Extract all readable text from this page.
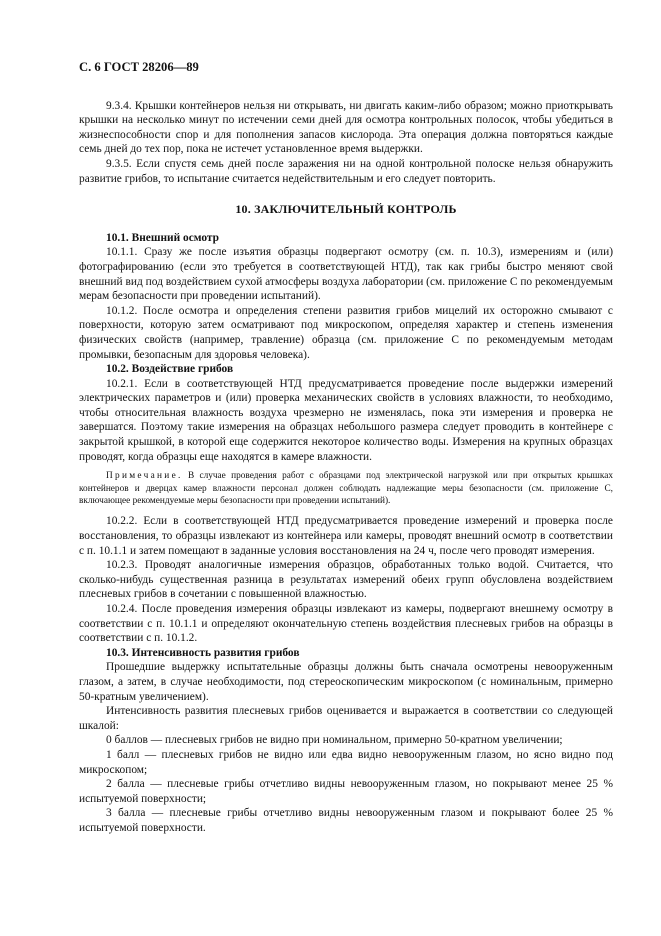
С. 6 ГОСТ 28206—89

9.3.4. Крышки контейнеров нельзя ни открывать, ни двигать каким-либо образом; можно приоткрывать крышки на несколько минут по истечении семи дней для осмотра контрольных полосок, чтобы убедиться в жизнеспособности спор и для пополнения запасов кислорода. Эта операция должна повторяться каждые семь дней до тех пор, пока не истечет установленное время выдержки.

9.3.5. Если спустя семь дней после заражения ни на одной контрольной полоске нельзя обнаружить развитие грибов, то испытание считается недействительным и его следует повторить.

10. ЗАКЛЮЧИТЕЛЬНЫЙ КОНТРОЛЬ

10.1. Внешний осмотр

10.1.1. Сразу же после изъятия образцы подвергают осмотру (см. п. 10.3), измерениям и (или) фотографированию (если это требуется в соответствующей НТД), так как грибы быстро меняют свой внешний вид под воздействием сухой атмосферы воздуха лаборатории (см. приложение С по рекомендуемым мерам безопасности при проведении испытаний).

10.1.2. После осмотра и определения степени развития грибов мицелий их осторожно смывают с поверхности, которую затем осматривают под микроскопом, определяя характер и степень изменения физических свойств (например, травление) образца (см. приложение С по рекомендуемым методам промывки, безопасным для здоровья человека).

10.2. Воздействие грибов

10.2.1. Если в соответствующей НТД предусматривается проведение после выдержки измерений электрических параметров и (или) проверка механических свойств в условиях влажности, то необходимо, чтобы относительная влажность воздуха чрезмерно не изменялась, пока эти измерения и проверка не завершатся. Поэтому такие измерения на образцах небольшого размера следует проводить в контейнере с закрытой крышкой, в которой еще содержится некоторое количество воды. Измерения на крупных образцах проводят, когда образцы еще находятся в камере влажности.

Примечание. В случае проведения работ с образцами под электрической нагрузкой или при открытых крышках контейнеров и дверцах камер влажности персонал должен соблюдать надлежащие меры безопасности (см. приложение С, включающее рекомендуемые меры безопасности при проведении испытаний).

10.2.2. Если в соответствующей НТД предусматривается проведение измерений и проверка после восстановления, то образцы извлекают из контейнера или камеры, проводят внешний осмотр в соответствии с п. 10.1.1 и затем помещают в заданные условия восстановления на 24 ч, после чего проводят измерения.

10.2.3. Проводят аналогичные измерения образцов, обработанных только водой. Считается, что сколько-нибудь существенная разница в результатах измерений обеих групп обусловлена воздействием плесневых грибов в сочетании с повышенной влажностью.

10.2.4. После проведения измерения образцы извлекают из камеры, подвергают внешнему осмотру в соответствии с п. 10.1.1 и определяют окончательную степень воздействия плесневых грибов на образцы в соответствии с п. 10.1.2.

10.3. Интенсивность развития грибов

Прошедшие выдержку испытательные образцы должны быть сначала осмотрены невооруженным глазом, а затем, в случае необходимости, под стереоскопическим микроскопом (с номинальным, примерно 50-кратным увеличением).

Интенсивность развития плесневых грибов оценивается и выражается в соответствии со следующей шкалой:

0 баллов — плесневых грибов не видно при номинальном, примерно 50-кратном увеличении;

1 балл — плесневых грибов не видно или едва видно невооруженным глазом, но ясно видно под микроскопом;

2 балла — плесневые грибы отчетливо видны невооруженным глазом, но покрывают менее 25 % испытуемой поверхности;

3 балла — плесневые грибы отчетливо видны невооруженным глазом и покрывают более 25 % испытуемой поверхности.
